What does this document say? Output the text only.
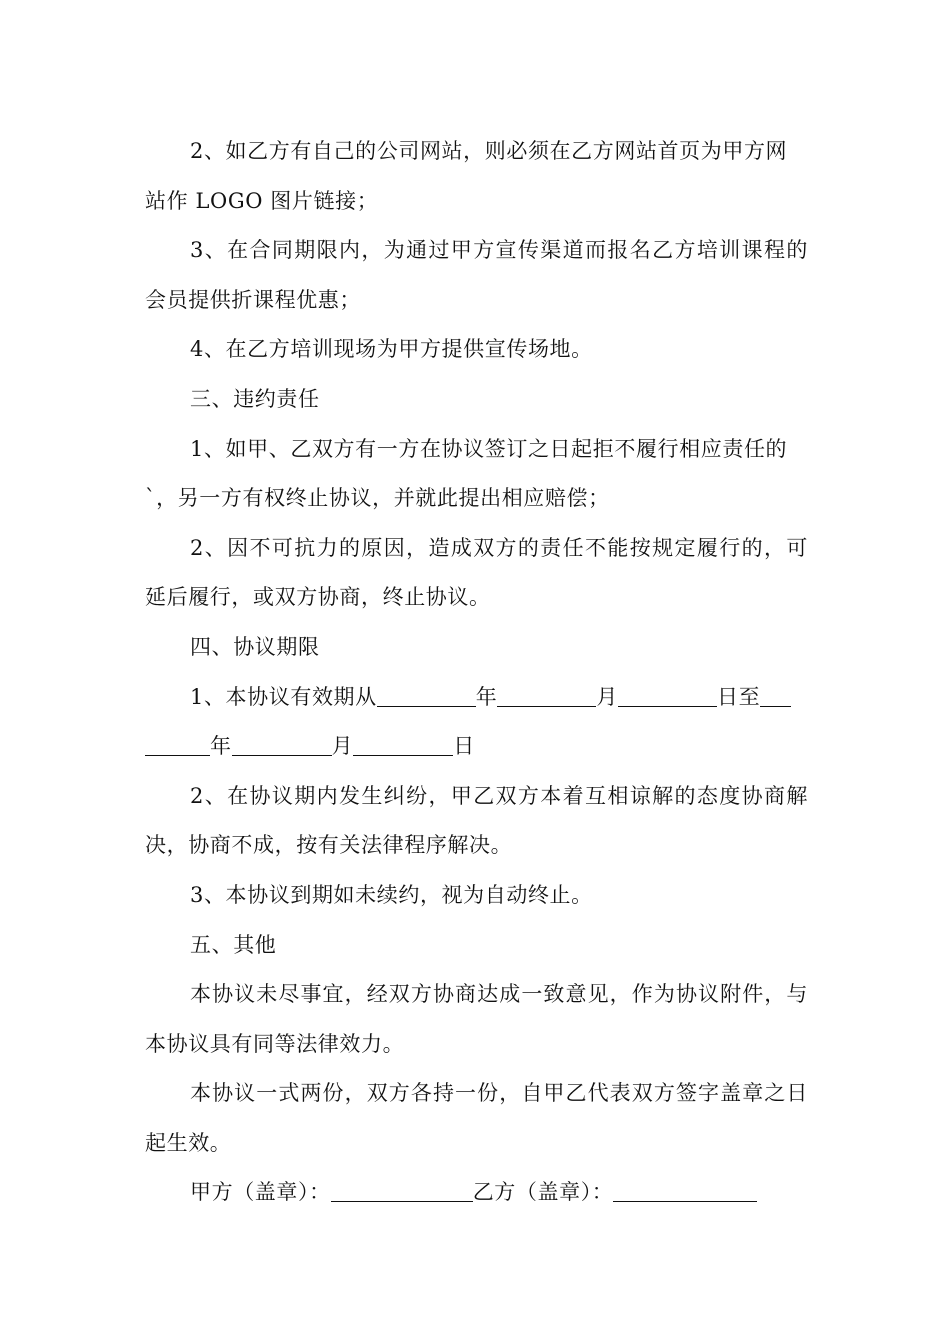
2、如乙方有自己的公司网站，则必须在乙方网站首页为甲方网
站作 LOGO 图片链接；

3、在合同期限内，为通过甲方宣传渠道而报名乙方培训课程的会员提供折课程优惠；

4、在乙方培训现场为甲方提供宣传场地。

三、违约责任

1、如甲、乙双方有一方在协议签订之日起拒不履行相应责任的
`，另一方有权终止协议，并就此提出相应赔偿；

2、因不可抗力的原因，造成双方的责任不能按规定履行的，可延后履行，或双方协商，终止协议。

四、协议期限

1、本协议有效期从	年	月	日至
年	月	日

2、在协议期内发生纠纷，甲乙双方本着互相谅解的态度协商解决，协商不成，按有关法律程序解决。

3、本协议到期如未续约，视为自动终止。

五、其他

本协议未尽事宜，经双方协商达成一致意见，作为协议附件，与本协议具有同等法律效力。

本协议一式两份，双方各持一份，自甲乙代表双方签字盖章之日起生效。

甲方（盖章）：	乙方（盖章）：
